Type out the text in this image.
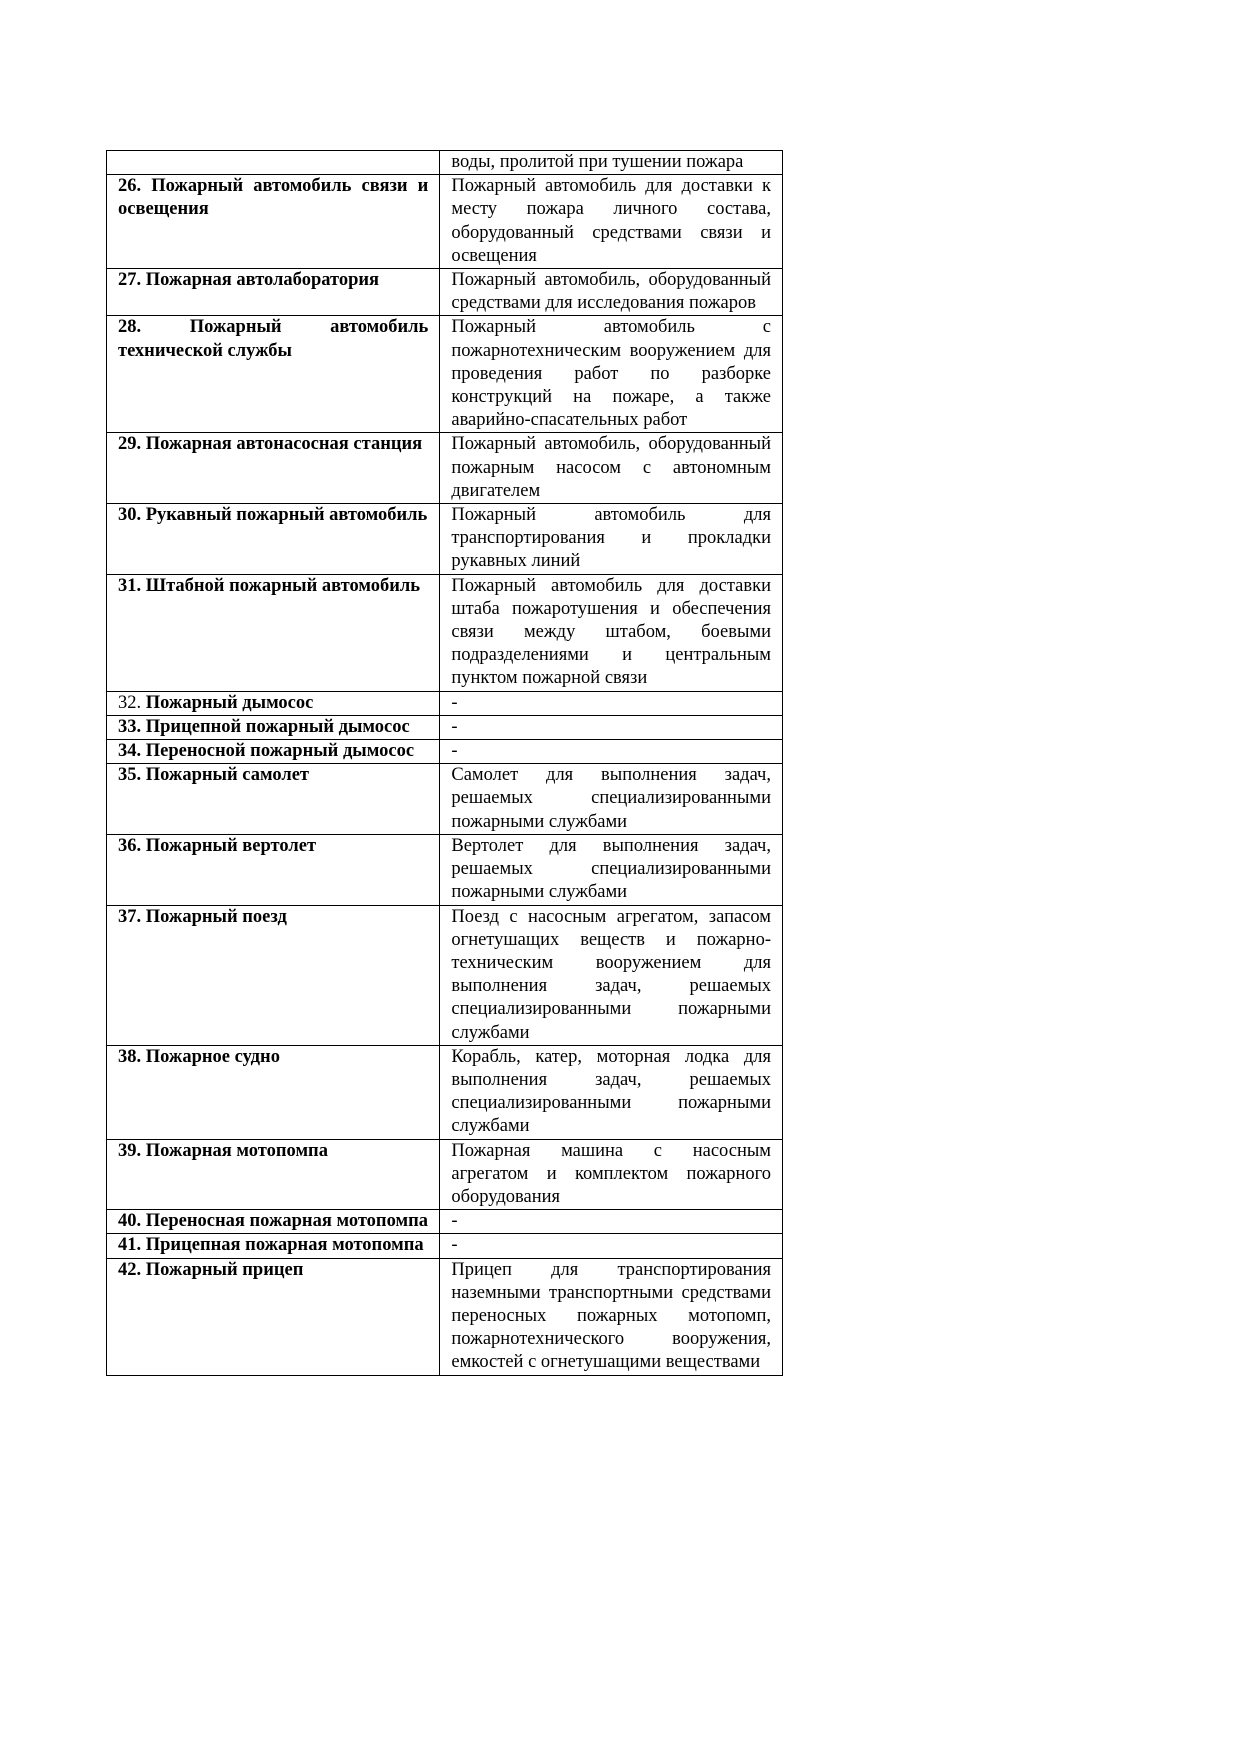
	воды, пролитой при тушении пожара
26. Пожарный автомобиль связи и освещения	Пожарный автомобиль для доставки к месту пожара личного состава, оборудованный средствами связи и освещения
27. Пожарная автолаборатория	Пожарный автомобиль, оборудованный средствами для исследования пожаров
28. Пожарный автомобиль технической службы	Пожарный автомобиль с пожарнотехническим вооружением для проведения работ по разборке конструкций на пожаре, а также аварийно-спасательных работ
29. Пожарная автонасосная станция	Пожарный автомобиль, оборудованный пожарным насосом с автономным двигателем
30. Рукавный пожарный автомобиль	Пожарный автомобиль для транспортирования и прокладки рукавных линий
31. Штабной пожарный автомобиль	Пожарный автомобиль для доставки штаба пожаротушения и обеспечения связи между штабом, боевыми подразделениями и центральным пунктом пожарной связи
32. Пожарный дымосос	-
33. Прицепной пожарный дымосос	-
34. Переносной пожарный дымосос	-
35. Пожарный самолет	Самолет для выполнения задач, решаемых специализированными пожарными службами
36. Пожарный вертолет	Вертолет для выполнения задач, решаемых специализированными пожарными службами
37. Пожарный поезд	Поезд с насосным агрегатом, запасом огнетушащих веществ и пожарно-техническим вооружением для выполнения задач, решаемых специализированными пожарными службами
38. Пожарное судно	Корабль, катер, моторная лодка для выполнения задач, решаемых специализированными пожарными службами
39. Пожарная мотопомпа	Пожарная машина с насосным агрегатом и комплектом пожарного оборудования
40. Переносная пожарная мотопомпа	-
41. Прицепная пожарная мотопомпа	-
42. Пожарный прицеп	Прицеп для транспортирования наземными транспортными средствами переносных пожарных мотопомп, пожарнотехнического вооружения, емкостей с огнетушащими веществами
